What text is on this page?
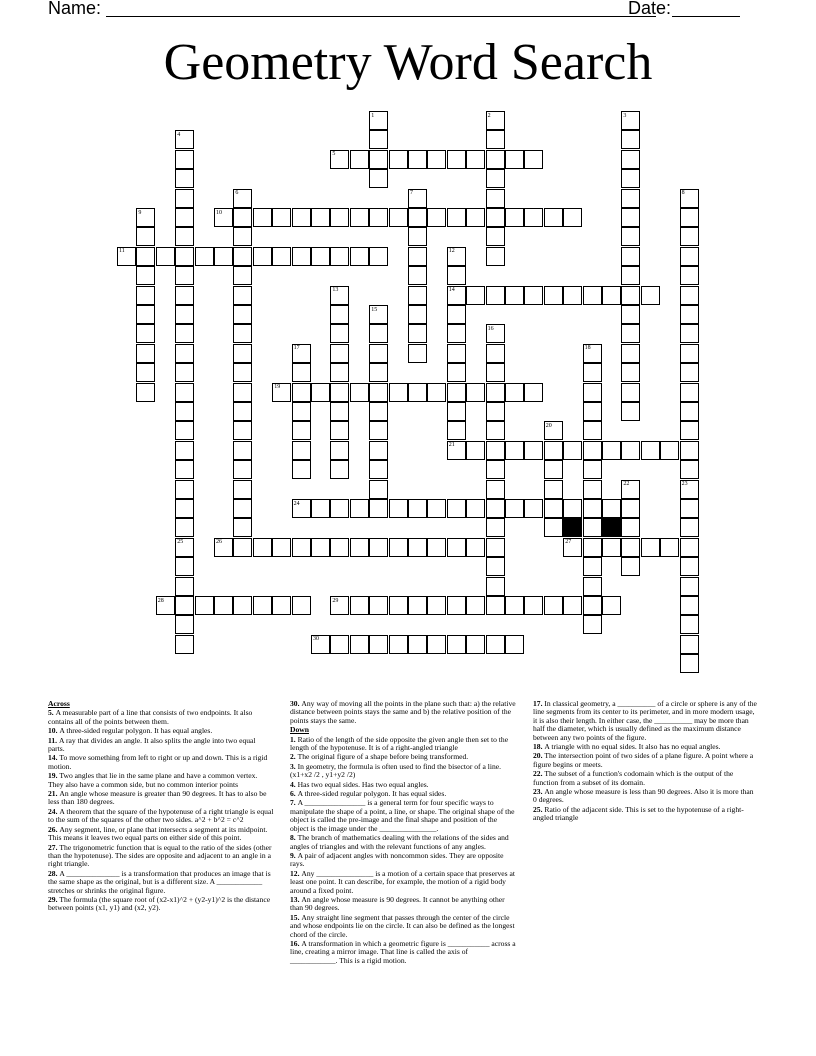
Name:	Date:
Geometry Word Search
1	2	3
4
5
6	7	8
9	10
11	12
13	14
15
16
17	18
19
20
21
22
24
25	26	27
28	29
30
23
Across
5. A measurable part of a line that consists of two endpoints. It also contains all of the points between them.
10. A three-sided regular polygon. It has equal angles.
11. A ray that divides an angle. It also splits the angle into two equal parts.
14. To move something from left to right or up and down. This is a rigid motion.
19. Two angles that lie in the same plane and have a common vertex. They also have a common side, but no common interior points
21. An angle whose measure is greater than 90 degrees. It has to also be less than 180 degrees.
24. A theorem that the square of the hypotenuse of a right triangle is equal to the sum of the squares of the other two sides. a^2 + b^2 = c^2
26. Any segment, line, or plane that intersects a segment at its midpoint. This means it leaves two equal parts on either side of this point.
27. The trigonometric function that is equal to the ratio of the sides (other than the hypotenuse). The sides are opposite and adjacent to an angle in a right triangle.
28. A ______________ is a transformation that produces an image that is the same shape as the original, but is a different size. A ____________ stretches or shrinks the original figure.
29. The formula (the square root of (x2-x1)^2 + (y2-y1)^2 is the distance between points (x1, y1) and (x2, y2).
30. Any way of moving all the points in the plane such that: a) the relative distance between points stays the same and b) the relative position of the points stays the same.
Down
1. Ratio of the length of the side opposite the given angle then set to the length of the hypotenuse. It is of a right-angled triangle
2. The original figure of a shape before being transformed.
3. In geometry, the formula is often used to find the bisector of a line. (x1+x2 /2 , y1+y2 /2)
4. Has two equal sides. Has two equal angles.
6. A three-sided regular polygon. It has equal sides.
7. A ________________ is a general term for four specific ways to manipulate the shape of a point, a line, or shape. The original shape of the object is called the pre-image and the final shape and position of the object is the image under the _______________.
8. The branch of mathematics dealing with the relations of the sides and angles of triangles and with the relevant functions of any angles.
9. A pair of adjacent angles with noncommon sides. They are opposite rays.
12. Any _______________ is a motion of a certain space that preserves at least one point. It can describe, for example, the motion of a rigid body around a fixed point.
13. An angle whose measure is 90 degrees. It cannot be anything other than 90 degrees.
15. Any straight line segment that passes through the center of the circle and whose endpoints lie on the circle. It can also be defined as the longest chord of the circle.
16. A transformation in which a geometric figure is ___________ across a line, creating a mirror image. That line is called the axis of ____________. This is a rigid motion.
17. In classical geometry, a __________ of a circle or sphere is any of the line segments from its center to its perimeter, and in more modern usage, it is also their length. In either case, the __________ may be more than half the diameter, which is usually defined as the maximum distance between any two points of the figure.
18. A triangle with no equal sides. It also has no equal angles.
20. The intersection point of two sides of a plane figure. A point where a figure begins or meets.
22. The subset of a function's codomain which is the output of the function from a subset of its domain.
23. An angle whose measure is less than 90 degrees. Also it is more than 0 degrees.
25. Ratio of the adjacent side. This is set to the hypotenuse of a right-angled triangle
